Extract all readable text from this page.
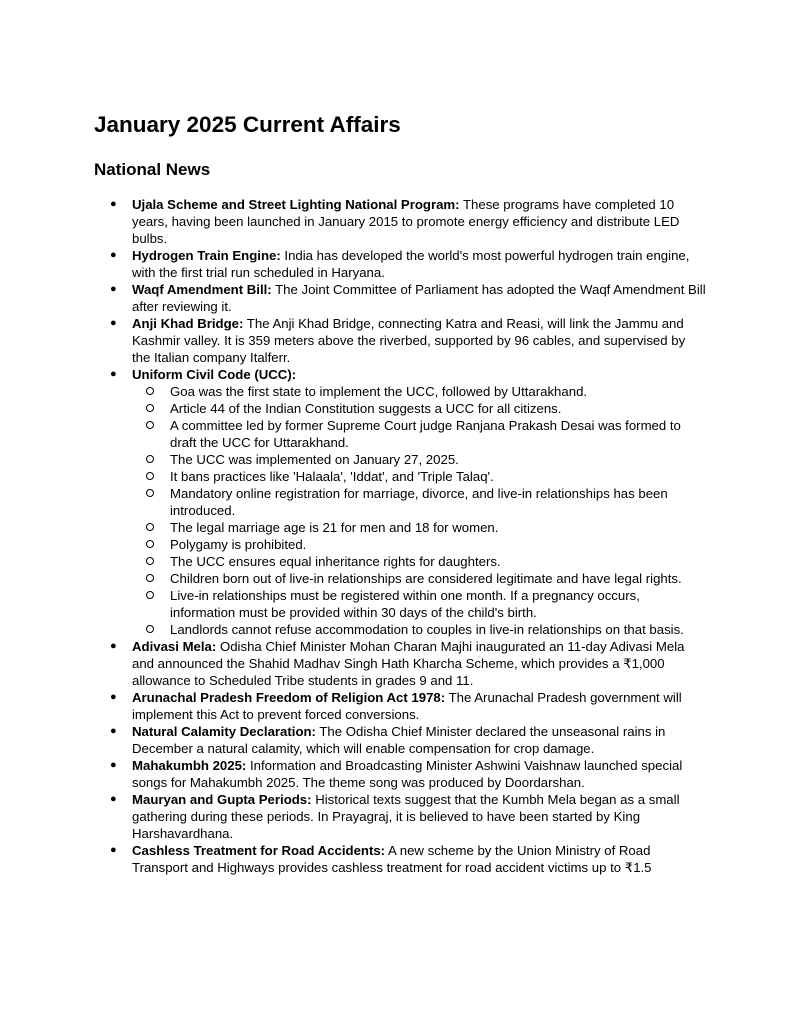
January 2025 Current Affairs
National News
● Ujala Scheme and Street Lighting National Program: These programs have completed 10 years, having been launched in January 2015 to promote energy efficiency and distribute LED bulbs.
● Hydrogen Train Engine: India has developed the world's most powerful hydrogen train engine, with the first trial run scheduled in Haryana.
● Waqf Amendment Bill: The Joint Committee of Parliament has adopted the Waqf Amendment Bill after reviewing it.
● Anji Khad Bridge: The Anji Khad Bridge, connecting Katra and Reasi, will link the Jammu and Kashmir valley. It is 359 meters above the riverbed, supported by 96 cables, and supervised by the Italian company Italferr.
● Uniform Civil Code (UCC):
Goa was the first state to implement the UCC, followed by Uttarakhand.
Article 44 of the Indian Constitution suggests a UCC for all citizens.
A committee led by former Supreme Court judge Ranjana Prakash Desai was formed to draft the UCC for Uttarakhand.
The UCC was implemented on January 27, 2025.
It bans practices like 'Halaala', 'Iddat', and 'Triple Talaq'.
Mandatory online registration for marriage, divorce, and live-in relationships has been introduced.
The legal marriage age is 21 for men and 18 for women.
Polygamy is prohibited.
The UCC ensures equal inheritance rights for daughters.
Children born out of live-in relationships are considered legitimate and have legal rights.
Live-in relationships must be registered within one month. If a pregnancy occurs, information must be provided within 30 days of the child's birth.
Landlords cannot refuse accommodation to couples in live-in relationships on that basis.
● Adivasi Mela: Odisha Chief Minister Mohan Charan Majhi inaugurated an 11-day Adivasi Mela and announced the Shahid Madhav Singh Hath Kharcha Scheme, which provides a ₹1,000 allowance to Scheduled Tribe students in grades 9 and 11.
● Arunachal Pradesh Freedom of Religion Act 1978: The Arunachal Pradesh government will implement this Act to prevent forced conversions.
● Natural Calamity Declaration: The Odisha Chief Minister declared the unseasonal rains in December a natural calamity, which will enable compensation for crop damage.
● Mahakumbh 2025: Information and Broadcasting Minister Ashwini Vaishnaw launched special songs for Mahakumbh 2025. The theme song was produced by Doordarshan.
● Mauryan and Gupta Periods: Historical texts suggest that the Kumbh Mela began as a small gathering during these periods. In Prayagraj, it is believed to have been started by King Harshavardhana.
● Cashless Treatment for Road Accidents: A new scheme by the Union Ministry of Road Transport and Highways provides cashless treatment for road accident victims up to ₹1.5
